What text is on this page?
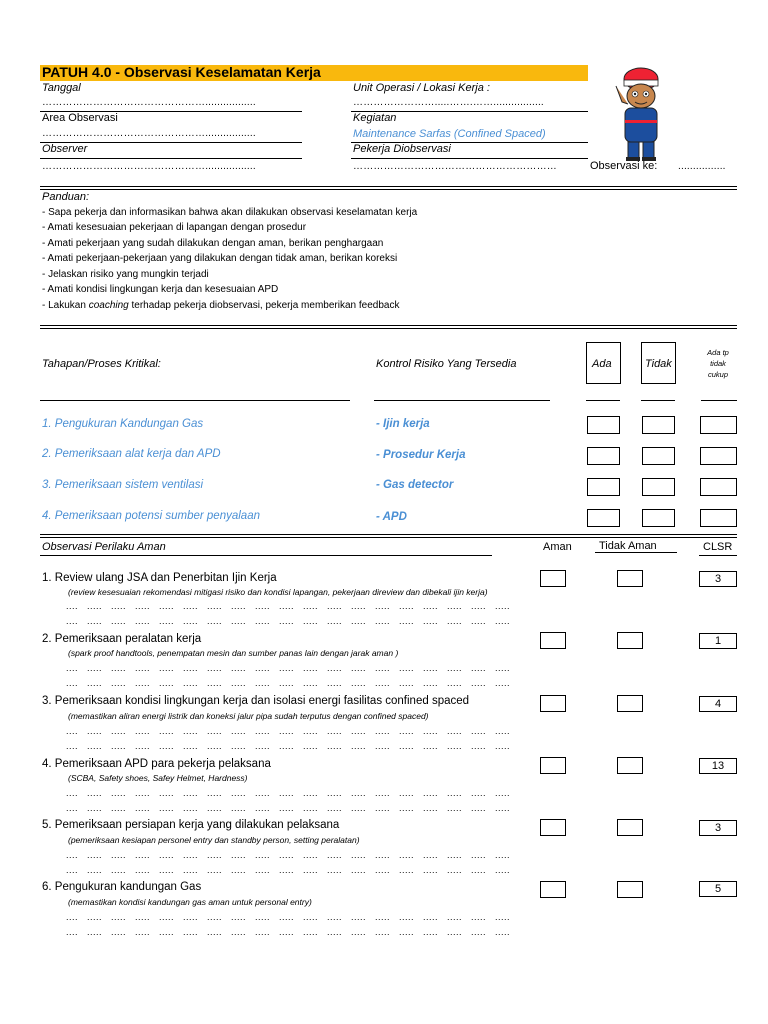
PATUH 4.0 - Observasi Keselamatan Kerja
Tanggal	Unit Operasi / Lokasi Kerja :
………………………………………….................	…………………….....…….…….................
Area Observasi	Kegiatan
………………………………………….................	Maintenance Sarfas (Confined Spaced)
Observer	Pekerja Diobservasi
………………………………………….................	……………………………………………………	Observasi ke: ................
Panduan:
- Sapa pekerja dan informasikan bahwa akan dilakukan observasi keselamatan kerja
- Amati kesesuaian pekerjaan di lapangan dengan prosedur
- Amati pekerjaan yang sudah dilakukan dengan aman, berikan penghargaan
- Amati pekerjaan-pekerjaan yang dilakukan dengan tidak aman, berikan koreksi
- Jelaskan risiko yang mungkin terjadi
- Amati kondisi lingkungan kerja dan kesesuaian APD
- Lakukan coaching terhadap pekerja diobservasi, pekerja memberikan feedback
Tahapan/Proses Kritikal:	Kontrol Risiko Yang Tersedia	Ada	Tidak
Ada tp
tidak
cukup
1. Pengukuran Kandungan Gas	- Ijin kerja
2. Pemeriksaan alat kerja dan APD	- Prosedur Kerja
3. Pemeriksaan sistem ventilasi	- Gas detector
4. Pemeriksaan potensi sumber penyalaan	- APD
Observasi Perilaku Aman	Aman Tidak Aman	CLSR
1. Review ulang JSA dan Penerbitan Ijin Kerja
(review kesesuaian rekomendasi mitigasi risiko dan kondisi lapangan, pekerjaan direview dan dibekali ijin kerja)
.... ..... ..... ..... ..... ..... ..... ..... ..... ..... ..... ..... ..... ..... ..... ..... ..... ..... .....
.... ..... ..... ..... ..... ..... ..... ..... ..... ..... ..... ..... ..... ..... ..... ..... ..... ..... .....
3
2. Pemeriksaan peralatan kerja
(spark proof handtools, penempatan mesin dan sumber panas lain dengan jarak aman )
.... ..... ..... ..... ..... ..... ..... ..... ..... ..... ..... ..... ..... ..... ..... ..... ..... ..... .....
.... ..... ..... ..... ..... ..... ..... ..... ..... ..... ..... ..... ..... ..... ..... ..... ..... ..... .....
1
3. Pemeriksaan kondisi lingkungan kerja dan isolasi energi fasilitas confined spaced
(memastikan aliran energi listrik dan koneksi jalur pipa sudah terputus dengan confined spaced)
.... ..... ..... ..... ..... ..... ..... ..... ..... ..... ..... ..... ..... ..... ..... ..... ..... ..... .....
.... ..... ..... ..... ..... ..... ..... ..... ..... ..... ..... ..... ..... ..... ..... ..... ..... ..... .....
4
4. Pemeriksaan APD para pekerja pelaksana
(SCBA, Safety shoes, Safey Helmet, Hardness)
.... ..... ..... ..... ..... ..... ..... ..... ..... ..... ..... ..... ..... ..... ..... ..... ..... ..... .....
.... ..... ..... ..... ..... ..... ..... ..... ..... ..... ..... ..... ..... ..... ..... ..... ..... ..... .....
13
5. Pemeriksaan persiapan kerja yang dilakukan pelaksana
(pemeriksaan kesiapan personel entry dan standby person, setting peralatan)
.... ..... ..... ..... ..... ..... ..... ..... ..... ..... ..... ..... ..... ..... ..... ..... ..... ..... .....
.... ..... ..... ..... ..... ..... ..... ..... ..... ..... ..... ..... ..... ..... ..... ..... ..... ..... .....
3
6. Pengukuran kandungan Gas
(memastikan kondisi kandungan gas aman untuk personal entry)
.... ..... ..... ..... ..... ..... ..... ..... ..... ..... ..... ..... ..... ..... ..... ..... ..... ..... .....
.... ..... ..... ..... ..... ..... ..... ..... ..... ..... ..... ..... ..... ..... ..... ..... ..... ..... .....
5
